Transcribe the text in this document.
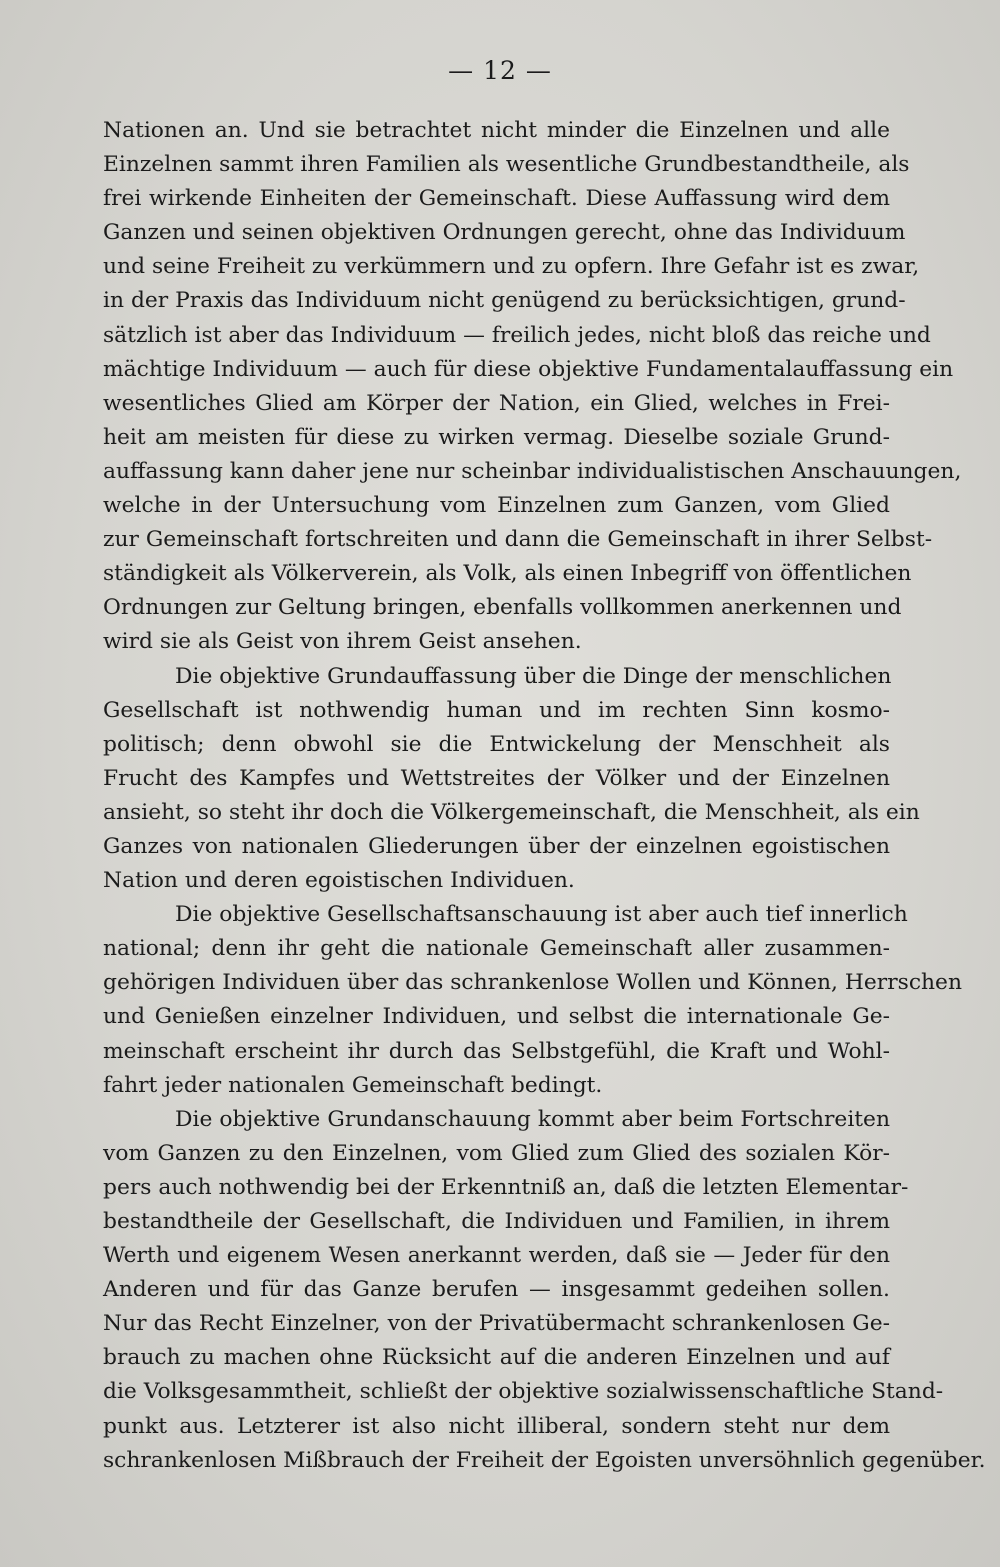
— 12 —
Nationen an. Und sie betrachtet nicht minder die Einzelnen und alle
Einzelnen sammt ihren Familien als wesentliche Grundbestandtheile, als
frei wirkende Einheiten der Gemeinschaft. Diese Auffassung wird dem
Ganzen und seinen objektiven Ordnungen gerecht, ohne das Individuum
und seine Freiheit zu verkümmern und zu opfern. Ihre Gefahr ist es zwar,
in der Praxis das Individuum nicht genügend zu berücksichtigen, grund-
sätzlich ist aber das Individuum — freilich jedes, nicht bloß das reiche und
mächtige Individuum — auch für diese objektive Fundamentalauffassung ein
wesentliches Glied am Körper der Nation, ein Glied, welches in Frei-
heit am meisten für diese zu wirken vermag. Dieselbe soziale Grund-
auffassung kann daher jene nur scheinbar individualistischen Anschauungen,
welche in der Untersuchung vom Einzelnen zum Ganzen, vom Glied
zur Gemeinschaft fortschreiten und dann die Gemeinschaft in ihrer Selbst-
ständigkeit als Völkerverein, als Volk, als einen Inbegriff von öffentlichen
Ordnungen zur Geltung bringen, ebenfalls vollkommen anerkennen und
wird sie als Geist von ihrem Geist ansehen.
Die objektive Grundauffassung über die Dinge der menschlichen
Gesellschaft ist nothwendig human und im rechten Sinn kosmo-
politisch; denn obwohl sie die Entwickelung der Menschheit als
Frucht des Kampfes und Wettstreites der Völker und der Einzelnen
ansieht, so steht ihr doch die Völkergemeinschaft, die Menschheit, als ein
Ganzes von nationalen Gliederungen über der einzelnen egoistischen
Nation und deren egoistischen Individuen.
Die objektive Gesellschaftsanschauung ist aber auch tief innerlich
national; denn ihr geht die nationale Gemeinschaft aller zusammen-
gehörigen Individuen über das schrankenlose Wollen und Können, Herrschen
und Genießen einzelner Individuen, und selbst die internationale Ge-
meinschaft erscheint ihr durch das Selbstgefühl, die Kraft und Wohl-
fahrt jeder nationalen Gemeinschaft bedingt.
Die objektive Grundanschauung kommt aber beim Fortschreiten
vom Ganzen zu den Einzelnen, vom Glied zum Glied des sozialen Kör-
pers auch nothwendig bei der Erkenntniß an, daß die letzten Elementar-
bestandtheile der Gesellschaft, die Individuen und Familien, in ihrem
Werth und eigenem Wesen anerkannt werden, daß sie — Jeder für den
Anderen und für das Ganze berufen — insgesammt gedeihen sollen.
Nur das Recht Einzelner, von der Privatübermacht schrankenlosen Ge-
brauch zu machen ohne Rücksicht auf die anderen Einzelnen und auf
die Volksgesammtheit, schließt der objektive sozialwissenschaftliche Stand-
punkt aus. Letzterer ist also nicht illiberal, sondern steht nur dem
schrankenlosen Mißbrauch der Freiheit der Egoisten unversöhnlich gegenüber.
